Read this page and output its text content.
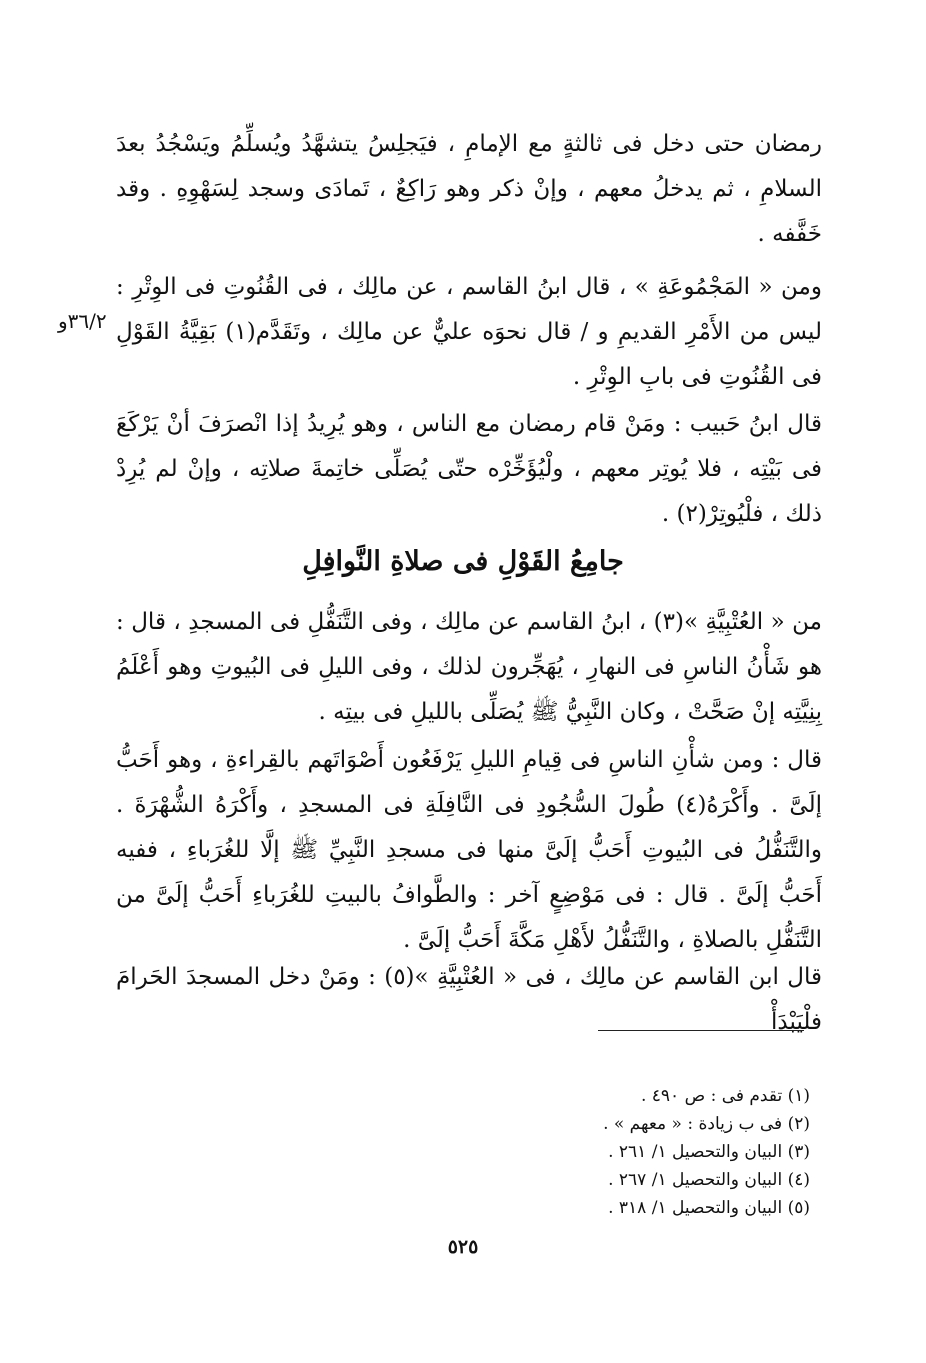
رمضان حتى دخل فى ثالثةٍ مع الإمامِ ، فيَجلِسُ يتشهَّدُ ويُسلِّمُ ويَسْجُدُ بعدَ السلامِ ، ثم يدخلُ معهم ، وإنْ ذكر وهو رَاكِعٌ ، تَمادَى وسجد لِسَهْوِهِ . وقد خَفَّفه .

ومن « المَجْمُوعَةِ » ، قال ابنُ القاسم ، عن مالِك ، فى القُنُوتِ فى الوِتْرِ : ليس من الأَمْرِ القديمِ و / قال نحوَه عليٌّ عن مالِك ، وتَقَدَّم(١) بَقِيَّةُ القَوْلِ فى القُنُوتِ فى بابِ الوِتْرِ .

٣٦/٢و

قال ابنُ حَبيب : ومَنْ قام رمضان مع الناس ، وهو يُرِيدُ إذا انْصرَفَ أنْ يَرْكَعَ فى بَيْتِه ، فلا يُوتِر معهم ، ولْيُؤَخِّرْه حتّى يُصَلِّى خاتِمةَ صلاتِه ، وإنْ لم يُرِدْ ذلك ، فلْيُوتِرْ(٢) .

جامِعُ القَوْلِ فى صلاةِ النَّوافِلِ

من « العُتْبِيَّةِ »(٣) ، ابنُ القاسم عن مالِك ، وفى التَّنَفُّلِ فى المسجدِ ، قال : هو شَأْنُ الناسِ فى النهارِ ، يُهَجِّرون لذلك ، وفى الليلِ فى البُيوتِ وهو أَعْلَمُ بِنِيَّتِه إنْ صَحَّتْ ، وكان النَّبِيُّ ﷺ يُصَلِّى بالليلِ فى بيتِه .

قال : ومن شأْنِ الناسِ فى قِيامِ الليلِ يَرْفَعُون أَصْوَاتَهم بالقِراءةِ ، وهو أَحَبُّ إلَىَّ . وأَكْرَهُ(٤) طُولَ السُّجُودِ فى النَّافِلَةِ فى المسجدِ ، وأَكْرَهُ الشُّهْرَةَ . والتَّنَفُّلُ فى البُيوتِ أَحَبُّ إلَىَّ منها فى مسجدِ النَّبِيِّ ﷺ إلَّا للغُرَباءِ ، ففيه أَحَبُّ إلَىَّ . قال : فى مَوْضِعٍ آخر : والطَّوافُ بالبيتِ للغُرَباءِ أَحَبُّ إلَىَّ من التَّنَفُّلِ بالصلاةِ ، والتَّنَفُّلُ لأَهْلِ مَكَّةَ أَحَبُّ إلَىَّ .

قال ابن القاسم عن مالِك ، فى « العُتْبِيَّةِ »(٥) : ومَنْ دخل المسجدَ الحَرامَ فلْيَبْدَأْ

(١) تقدم فى : ص ٤٩٠ .
(٢) فى ب زيادة : « معهم » .
(٣) البيان والتحصيل ١/ ٢٦١ .
(٤) البيان والتحصيل ١/ ٢٦٧ .
(٥) البيان والتحصيل ١/ ٣١٨ .
٥٢٥
